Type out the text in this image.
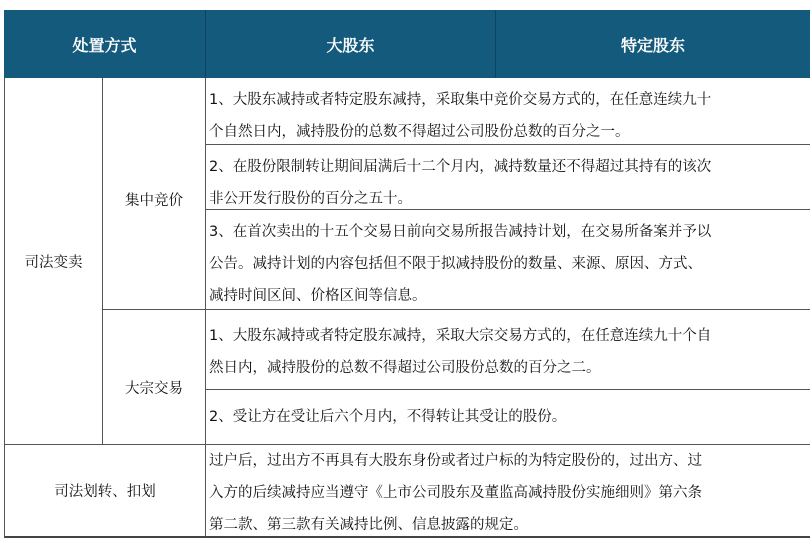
处置方式	大股东	特定股东
司法变卖
集中竞价
大宗交易
1、大股东减持或者特定股东减持，采取集中竞价交易方式的，在任意连续九十
个自然日内，减持股份的总数不得超过公司股份总数的百分之一。
2、在股份限制转让期间届满后十二个月内，减持数量还不得超过其持有的该次
非公开发行股份的百分之五十。
3、在首次卖出的十五个交易日前向交易所报告减持计划，在交易所备案并予以
公告。减持计划的内容包括但不限于拟减持股份的数量、来源、原因、方式、
减持时间区间、价格区间等信息。
1、大股东减持或者特定股东减持，采取大宗交易方式的，在任意连续九十个自
然日内，减持股份的总数不得超过公司股份总数的百分之二。
2、受让方在受让后六个月内，不得转让其受让的股份。
司法划转、扣划
过户后，过出方不再具有大股东身份或者过户标的为特定股份的，过出方、过
入方的后续减持应当遵守《上市公司股东及董监高减持股份实施细则》第六条
第二款、第三款有关减持比例、信息披露的规定。
